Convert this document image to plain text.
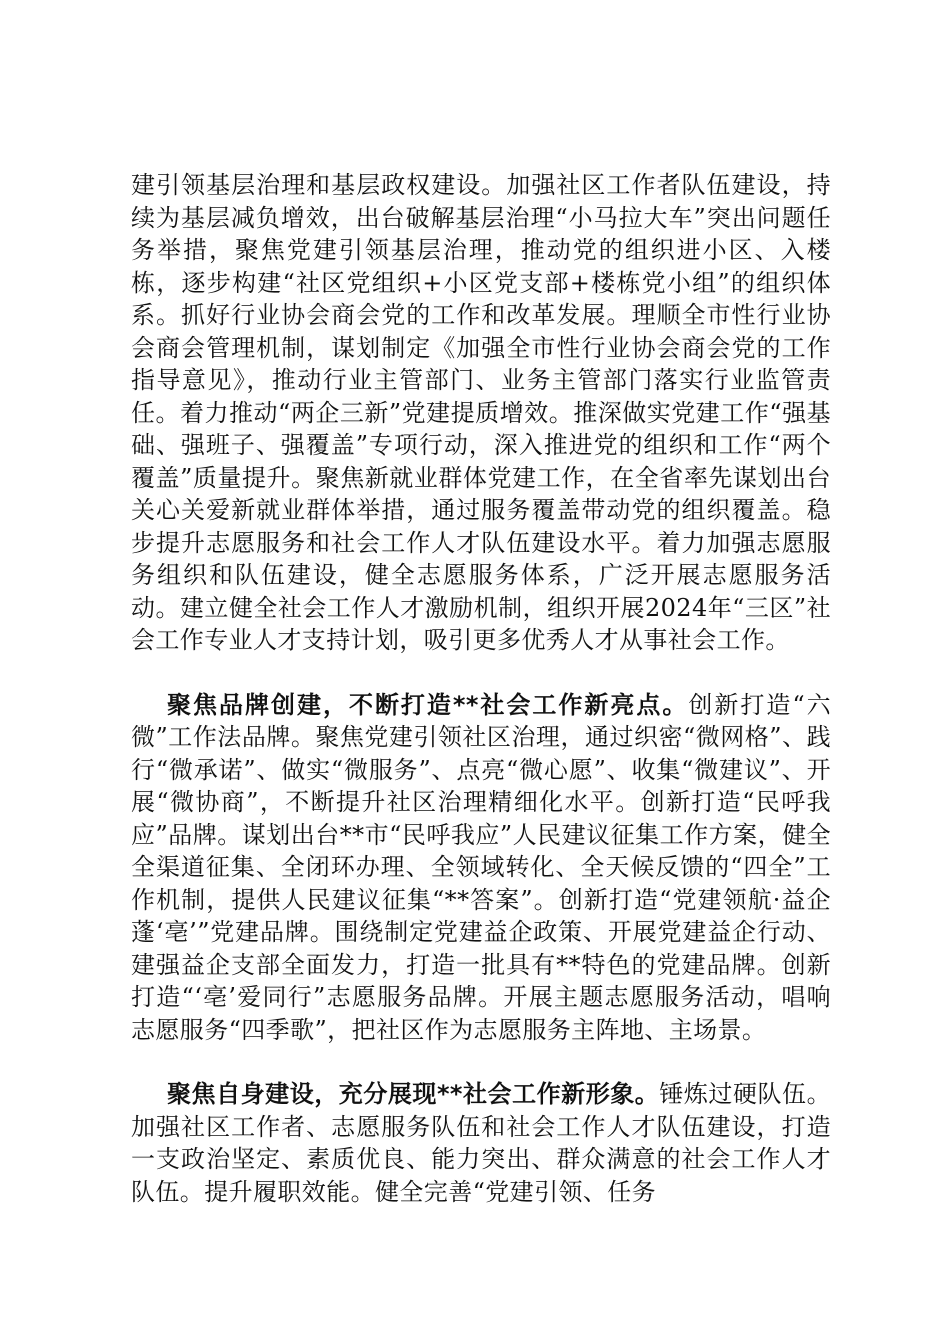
建引领基层治理和基层政权建设。加强社区工作者队伍建设，持续为基层减负增效，出台破解基层治理“小马拉大车”突出问题任务举措，聚焦党建引领基层治理，推动党的组织进小区、入楼栋，逐步构建“社区党组织+小区党支部+楼栋党小组”的组织体系。抓好行业协会商会党的工作和改革发展。理顺全市性行业协会商会管理机制，谋划制定《加强全市性行业协会商会党的工作指导意见》，推动行业主管部门、业务主管部门落实行业监管责任。着力推动“两企三新”党建提质增效。推深做实党建工作“强基础、强班子、强覆盖”专项行动，深入推进党的组织和工作“两个覆盖”质量提升。聚焦新就业群体党建工作，在全省率先谋划出台关心关爱新就业群体举措，通过服务覆盖带动党的组织覆盖。稳步提升志愿服务和社会工作人才队伍建设水平。着力加强志愿服务组织和队伍建设，健全志愿服务体系，广泛开展志愿服务活动。建立健全社会工作人才激励机制，组织开展2024年“三区”社会工作专业人才支持计划，吸引更多优秀人才从事社会工作。

聚焦品牌创建，不断打造**社会工作新亮点。创新打造“六微”工作法品牌。聚焦党建引领社区治理，通过织密“微网格”、践行“微承诺”、做实“微服务”、点亮“微心愿”、收集“微建议”、开展“微协商”，不断提升社区治理精细化水平。创新打造“民呼我应”品牌。谋划出台**市“民呼我应”人民建议征集工作方案，健全全渠道征集、全闭环办理、全领域转化、全天候反馈的“四全”工作机制，提供人民建议征集“**答案”。创新打造“党建领航·益企蓬‘亳’”党建品牌。围绕制定党建益企政策、开展党建益企行动、建强益企支部全面发力，打造一批具有**特色的党建品牌。创新打造“‘亳’爱同行”志愿服务品牌。开展主题志愿服务活动，唱响志愿服务“四季歌”，把社区作为志愿服务主阵地、主场景。

聚焦自身建设，充分展现**社会工作新形象。锤炼过硬队伍。加强社区工作者、志愿服务队伍和社会工作人才队伍建设，打造一支政治坚定、素质优良、能力突出、群众满意的社会工作人才队伍。提升履职效能。健全完善“党建引领、任务
